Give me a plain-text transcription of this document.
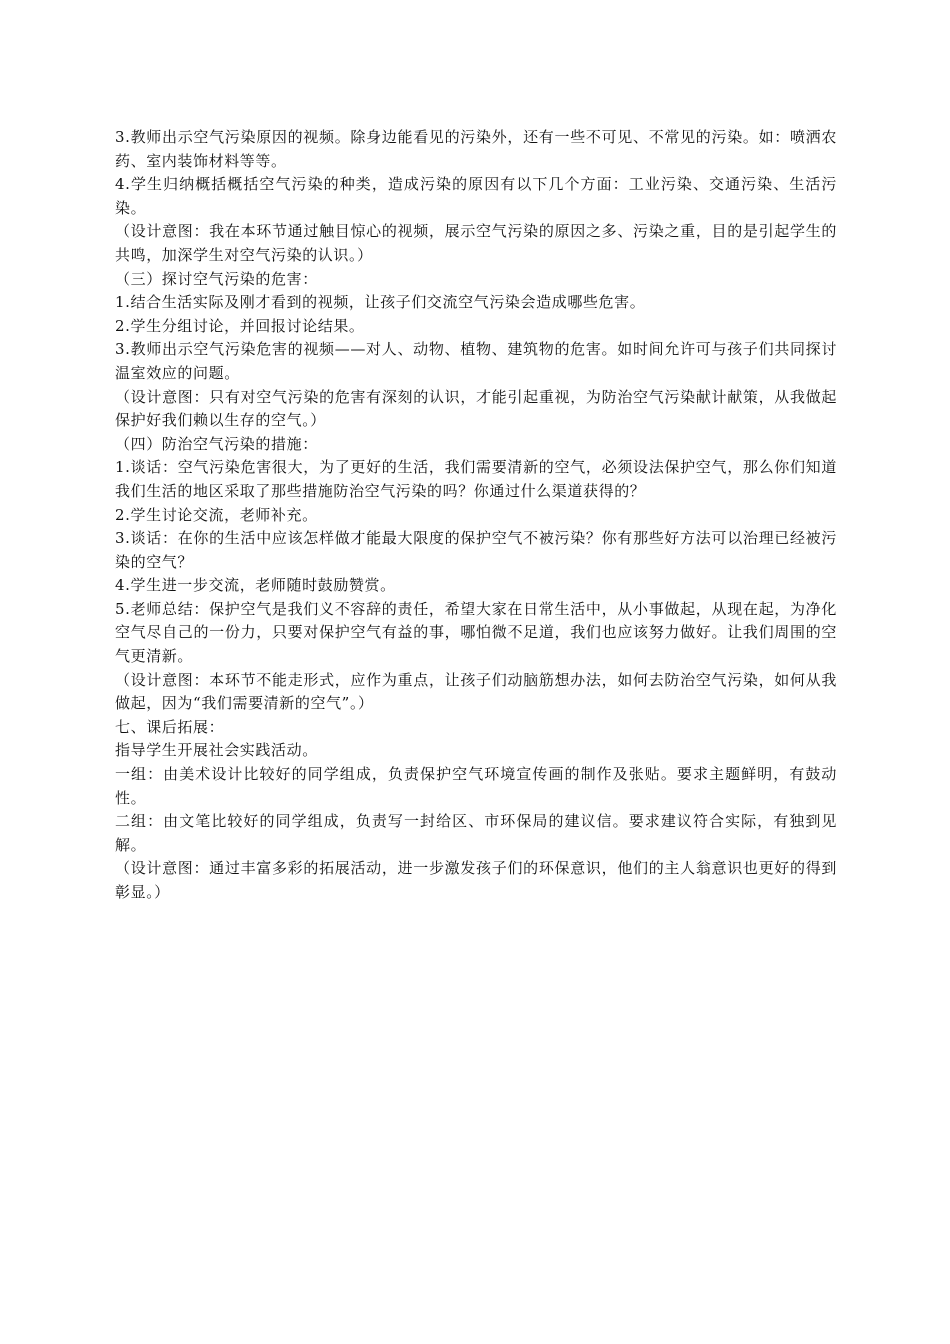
3.教师出示空气污染原因的视频。除身边能看见的污染外，还有一些不可见、不常见的污染。如：喷洒农药、室内装饰材料等等。

4.学生归纳概括概括空气污染的种类，造成污染的原因有以下几个方面：工业污染、交通污染、生活污染。

（设计意图：我在本环节通过触目惊心的视频，展示空气污染的原因之多、污染之重，目的是引起学生的共鸣，加深学生对空气污染的认识。）

（三）探讨空气污染的危害：

1.结合生活实际及刚才看到的视频，让孩子们交流空气污染会造成哪些危害。

2.学生分组讨论，并回报讨论结果。

3.教师出示空气污染危害的视频——对人、动物、植物、建筑物的危害。如时间允许可与孩子们共同探讨温室效应的问题。

（设计意图：只有对空气污染的危害有深刻的认识，才能引起重视，为防治空气污染献计献策，从我做起保护好我们赖以生存的空气。）

（四）防治空气污染的措施：

1.谈话：空气污染危害很大，为了更好的生活，我们需要清新的空气，必须设法保护空气，那么你们知道我们生活的地区采取了那些措施防治空气污染的吗？你通过什么渠道获得的？

2.学生讨论交流，老师补充。

3.谈话：在你的生活中应该怎样做才能最大限度的保护空气不被污染？你有那些好方法可以治理已经被污染的空气？

4.学生进一步交流，老师随时鼓励赞赏。

5.老师总结：保护空气是我们义不容辞的责任，希望大家在日常生活中，从小事做起，从现在起，为净化空气尽自己的一份力，只要对保护空气有益的事，哪怕微不足道，我们也应该努力做好。让我们周围的空气更清新。

（设计意图：本环节不能走形式，应作为重点，让孩子们动脑筋想办法，如何去防治空气污染，如何从我做起，因为“我们需要清新的空气”。）

七、课后拓展：

指导学生开展社会实践活动。

一组：由美术设计比较好的同学组成，负责保护空气环境宣传画的制作及张贴。要求主题鲜明，有鼓动性。

二组：由文笔比较好的同学组成，负责写一封给区、市环保局的建议信。要求建议符合实际，有独到见解。

（设计意图：通过丰富多彩的拓展活动，进一步激发孩子们的环保意识，他们的主人翁意识也更好的得到彰显。）
